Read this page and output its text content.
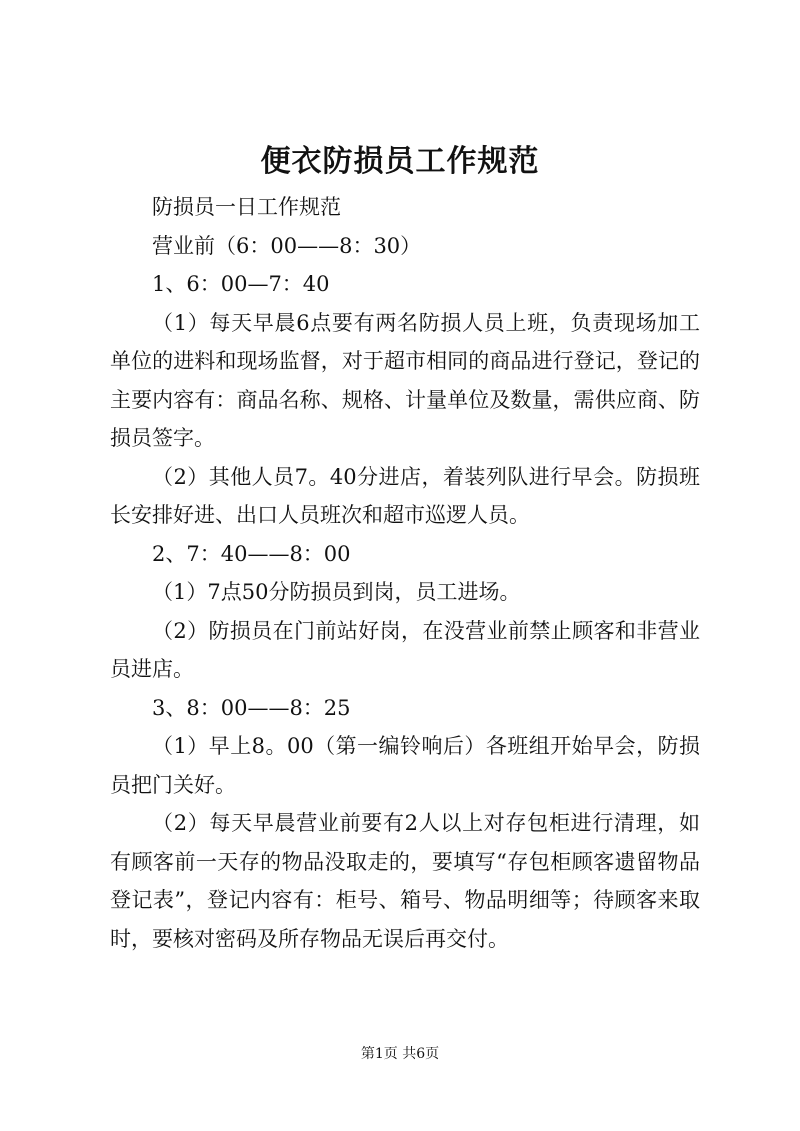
便衣防损员工作规范

防损员一日工作规范

营业前（6：00——8：30）

1、6：00—7：40

（1）每天早晨6点要有两名防损人员上班，负责现场加工单位的进料和现场监督，对于超市相同的商品进行登记，登记的主要内容有：商品名称、规格、计量单位及数量，需供应商、防损员签字。

（2）其他人员7。40分进店，着装列队进行早会。防损班长安排好进、出口人员班次和超市巡逻人员。

2、7：40——8：00

（1）7点50分防损员到岗，员工进场。

（2）防损员在门前站好岗，在没营业前禁止顾客和非营业员进店。

3、8：00——8：25

（1）早上8。00（第一编铃响后）各班组开始早会，防损员把门关好。

（2）每天早晨营业前要有2人以上对存包柜进行清理，如有顾客前一天存的物品没取走的，要填写“存包柜顾客遗留物品登记表”，登记内容有：柜号、箱号、物品明细等；待顾客来取时，要核对密码及所存物品无误后再交付。

第1页 共6页
